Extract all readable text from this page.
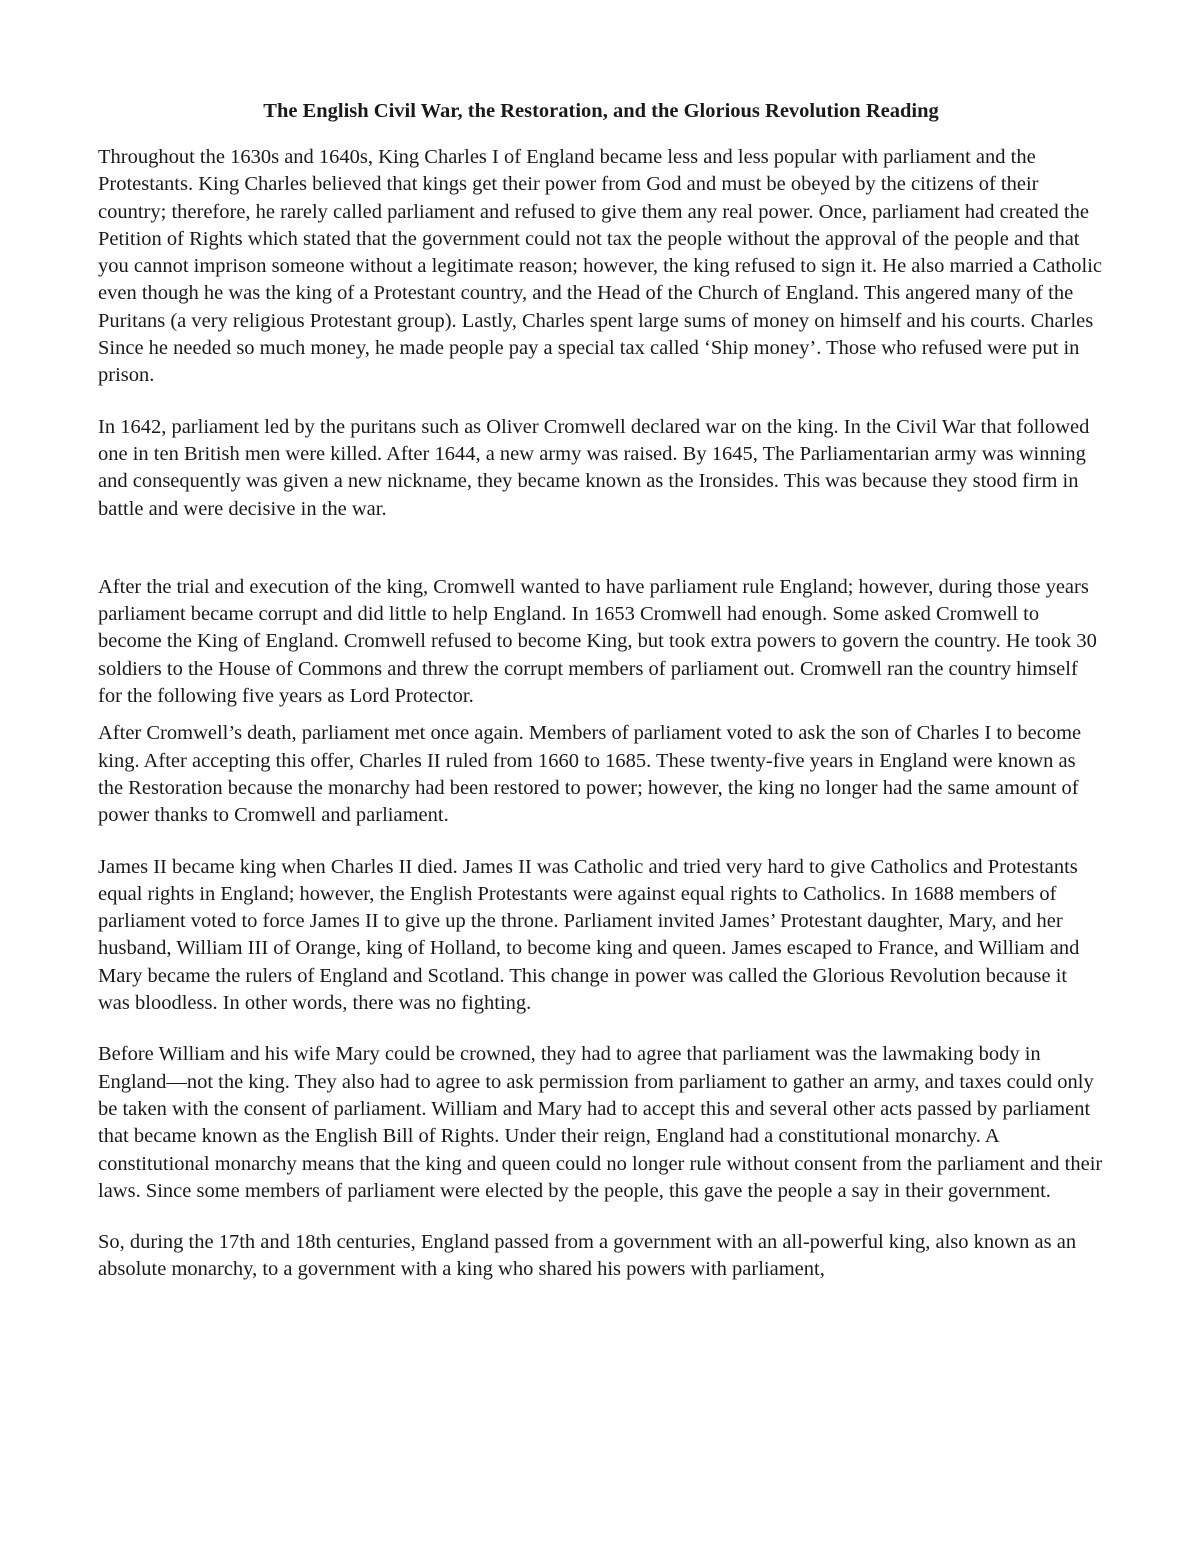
The English Civil War, the Restoration, and the Glorious Revolution Reading

Throughout the 1630s and 1640s, King Charles I of England became less and less popular with parliament and the Protestants. King Charles believed that kings get their power from God and must be obeyed by the citizens of their country; therefore, he rarely called parliament and refused to give them any real power. Once, parliament had created the Petition of Rights which stated that the government could not tax the people without the approval of the people and that you cannot imprison someone without a legitimate reason; however, the king refused to sign it. He also married a Catholic even though he was the king of a Protestant country, and the Head of the Church of England. This angered many of the Puritans (a very religious Protestant group). Lastly, Charles spent large sums of money on himself and his courts. Charles Since he needed so much money, he made people pay a special tax called ‘Ship money’. Those who refused were put in prison.

In 1642, parliament led by the puritans such as Oliver Cromwell declared war on the king. In the Civil War that followed one in ten British men were killed. After 1644, a new army was raised. By 1645, The Parliamentarian army was winning and consequently was given a new nickname, they became known as the Ironsides. This was because they stood firm in battle and were decisive in the war.

After the trial and execution of the king, Cromwell wanted to have parliament rule England; however, during those years parliament became corrupt and did little to help England. In 1653 Cromwell had enough. Some asked Cromwell to become the King of England. Cromwell refused to become King, but took extra powers to govern the country. He took 30 soldiers to the House of Commons and threw the corrupt members of parliament out. Cromwell ran the country himself for the following five years as Lord Protector.

After Cromwell’s death, parliament met once again. Members of parliament voted to ask the son of Charles I to become king. After accepting this offer, Charles II ruled from 1660 to 1685. These twenty-five years in England were known as the Restoration because the monarchy had been restored to power; however, the king no longer had the same amount of power thanks to Cromwell and parliament.

James II became king when Charles II died. James II was Catholic and tried very hard to give Catholics and Protestants equal rights in England; however, the English Protestants were against equal rights to Catholics. In 1688 members of parliament voted to force James II to give up the throne. Parliament invited James’ Protestant daughter, Mary, and her husband, William III of Orange, king of Holland, to become king and queen. James escaped to France, and William and Mary became the rulers of England and Scotland. This change in power was called the Glorious Revolution because it was bloodless. In other words, there was no fighting.

Before William and his wife Mary could be crowned, they had to agree that parliament was the lawmaking body in England—not the king. They also had to agree to ask permission from parliament to gather an army, and taxes could only be taken with the consent of parliament. William and Mary had to accept this and several other acts passed by parliament that became known as the English Bill of Rights. Under their reign, England had a constitutional monarchy. A constitutional monarchy means that the king and queen could no longer rule without consent from the parliament and their laws. Since some members of parliament were elected by the people, this gave the people a say in their government.

So, during the 17th and 18th centuries, England passed from a government with an all-powerful king, also known as an absolute monarchy, to a government with a king who shared his powers with parliament,
